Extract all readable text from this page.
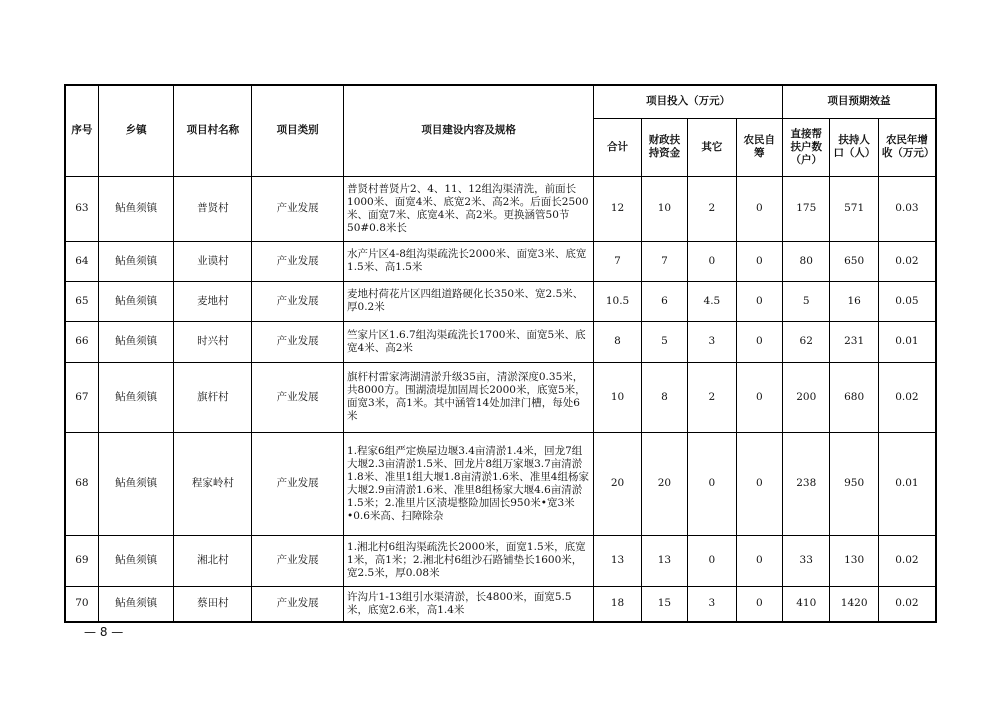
序号	乡镇	项目村名称	项目类别	项目建设内容及规格	项目投入（万元）				项目预期效益		
					合计	财政扶持资金	其它	农民自筹	直接帮扶户数（户）	扶持人口（人）	农民年增收（万元）
63	鲇鱼须镇	普贤村	产业发展	普贤村普贤片2、4、11、12组沟渠清洗，前面长1000米、面宽4米、底宽2米、高2米。后面长2500米、面宽7米、底宽4米、高2米。更换涵管50节50#0.8米长	12	10	2	0	175	571	0.03
64	鲇鱼须镇	业谟村	产业发展	水产片区4-8组沟渠疏洗长2000米、面宽3米、底宽1.5米、高1.5米	7	7	0	0	80	650	0.02
65	鲇鱼须镇	麦地村	产业发展	麦地村荷花片区四组道路硬化长350米、宽2.5米、厚0.2米	10.5	6	4.5	0	5	16	0.05
66	鲇鱼须镇	时兴村	产业发展	竺家片区1.6.7组沟渠疏洗长1700米、面宽5米、底宽4米、高2米	8	5	3	0	62	231	0.01
67	鲇鱼须镇	旗杆村	产业发展	旗杆村雷家湾湖清淤升级35亩，清淤深度0.35米，共8000方。围湖渍堤加固周长2000米，底宽5米，面宽3米，高1米。其中涵管14处加津门槽，每处6米	10	8	2	0	200	680	0.02
68	鲇鱼须镇	程家岭村	产业发展	1.程家6组严定焕屋边堰3.4亩清淤1.4米，回龙7组大堰2.3亩清淤1.5米、回龙片8组万家堰3.7亩清淤1.8米、准里1组大堰1.8亩清淤1.6米、准里4组杨家大堰2.9亩清淤1.6米、准里8组杨家大堰4.6亩清淤1.5米；2.准里片区渍堤整险加固长950米•宽3米•0.6米高、扫障除杂	20	20	0	0	238	950	0.01
69	鲇鱼须镇	湘北村	产业发展	1.湘北村6组沟渠疏洗长2000米，面宽1.5米，底宽1米，高1米；2.湘北村6组沙石路铺垫长1600米，宽2.5米，厚0.08米	13	13	0	0	33	130	0.02
70	鲇鱼须镇	蔡田村	产业发展	许沟片1-13组引水渠清淤，长4800米，面宽5.5米，底宽2.6米，高1.4米	18	15	3	0	410	1420	0.02
— 8 —
